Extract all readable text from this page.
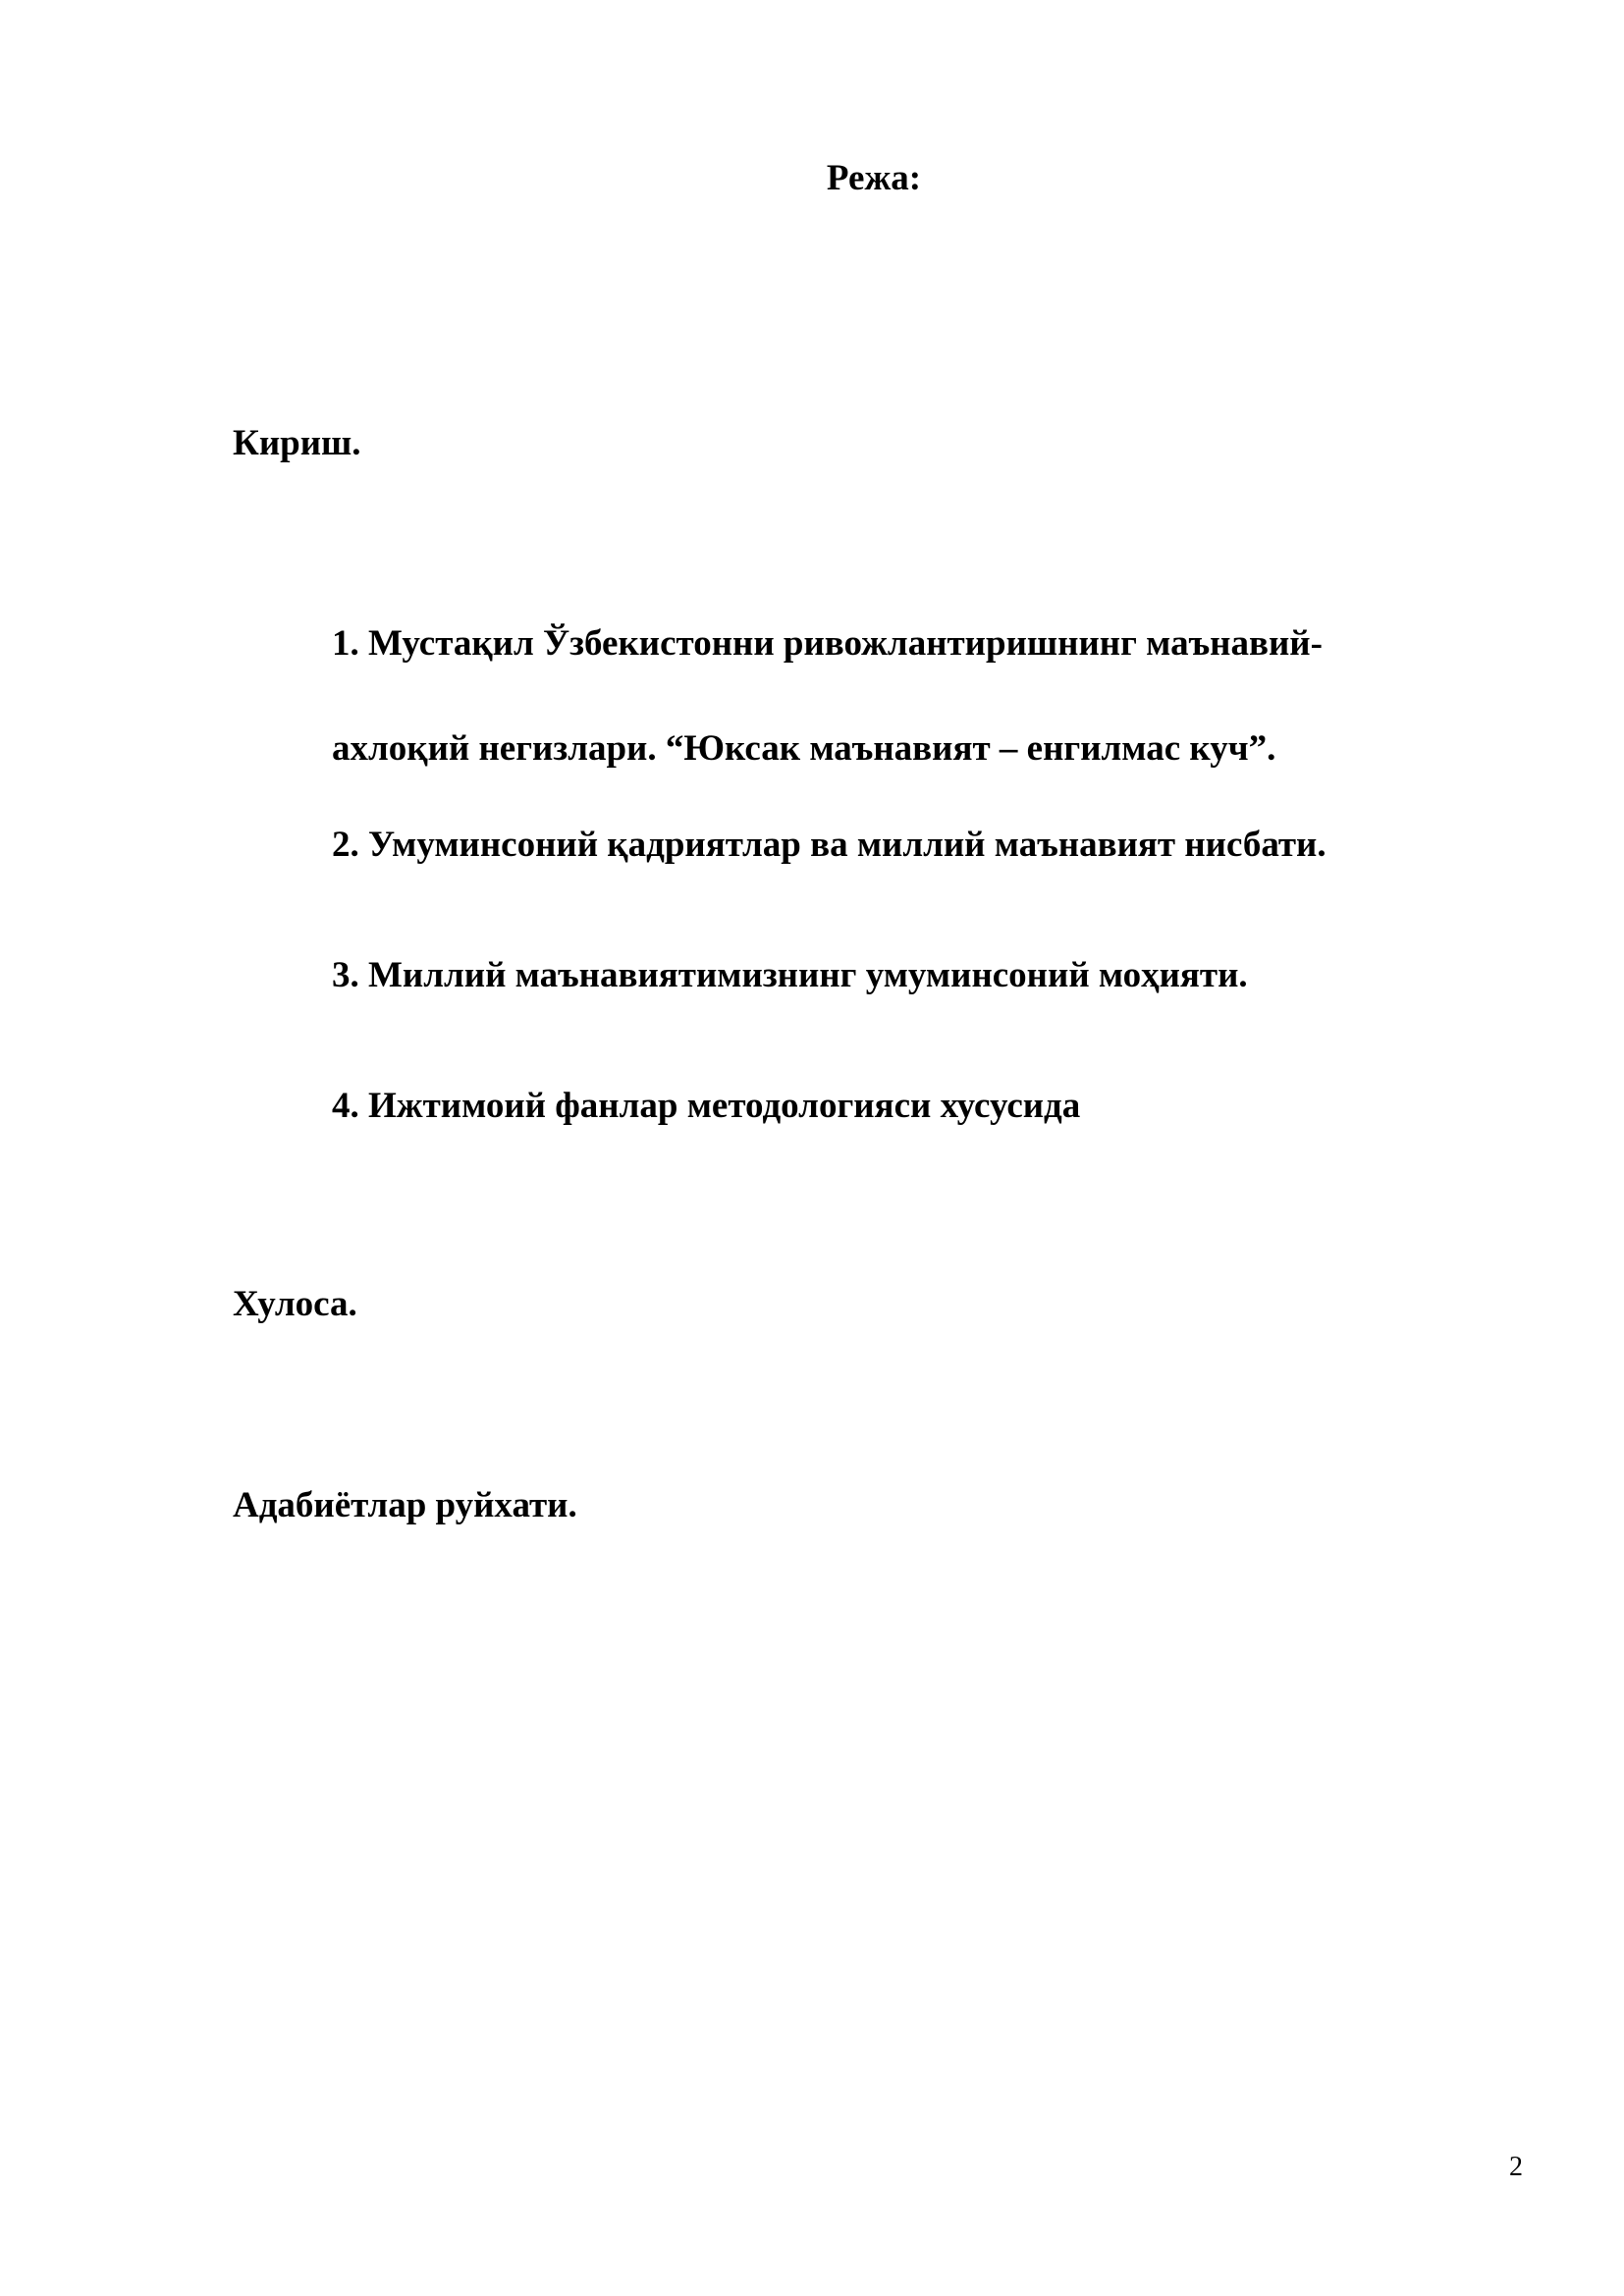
Режа:

Кириш.

1. Мустақил Ўзбекистонни ривожлантиришнинг маънавий-
ахлоқий негизлари. “Юксак маънавият – енгилмас куч”.

2. Умуминсоний қадриятлар ва миллий маънавият нисбати.

3. Миллий маънавиятимизнинг умуминсоний моҳияти.

4. Ижтимоий фанлар методологияси хусусида

Хулоса.

Адабиётлар руйхати.

2
